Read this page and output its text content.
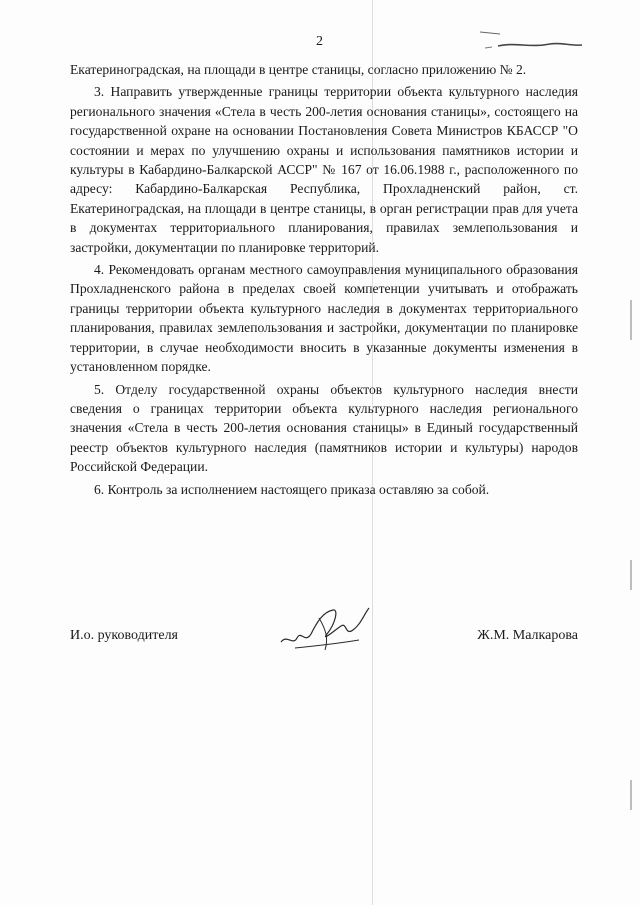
2

Екатериноградская, на площади в центре станицы, согласно приложению № 2.

3. Направить утвержденные границы территории объекта культурного наследия регионального значения «Стела в честь 200-летия основания станицы», состоящего на государственной охране на основании Постановления Совета Министров КБАССР "О состоянии и мерах по улучшению охраны и использования памятников истории и культуры в Кабардино-Балкарской АССР" № 167 от 16.06.1988 г., расположенного по адресу: Кабардино-Балкарская Республика, Прохладненский район, ст. Екатериноградская, на площади в центре станицы, в орган регистрации прав для учета в документах территориального планирования, правилах землепользования и застройки, документации по планировке территорий.

4. Рекомендовать органам местного самоуправления муниципального образования Прохладненского района в пределах своей компетенции учитывать и отображать границы территории объекта культурного наследия в документах территориального планирования, правилах землепользования и застройки, документации по планировке территории, в случае необходимости вносить в указанные документы изменения в установленном порядке.

5. Отделу государственной охраны объектов культурного наследия внести сведения о границах территории объекта культурного наследия регионального значения «Стела в честь 200-летия основания станицы» в Единый государственный реестр объектов культурного наследия (памятников истории и культуры) народов Российской Федерации.

6. Контроль за исполнением настоящего приказа оставляю за собой.

И.о. руководителя	Ж.М. Малкарова
